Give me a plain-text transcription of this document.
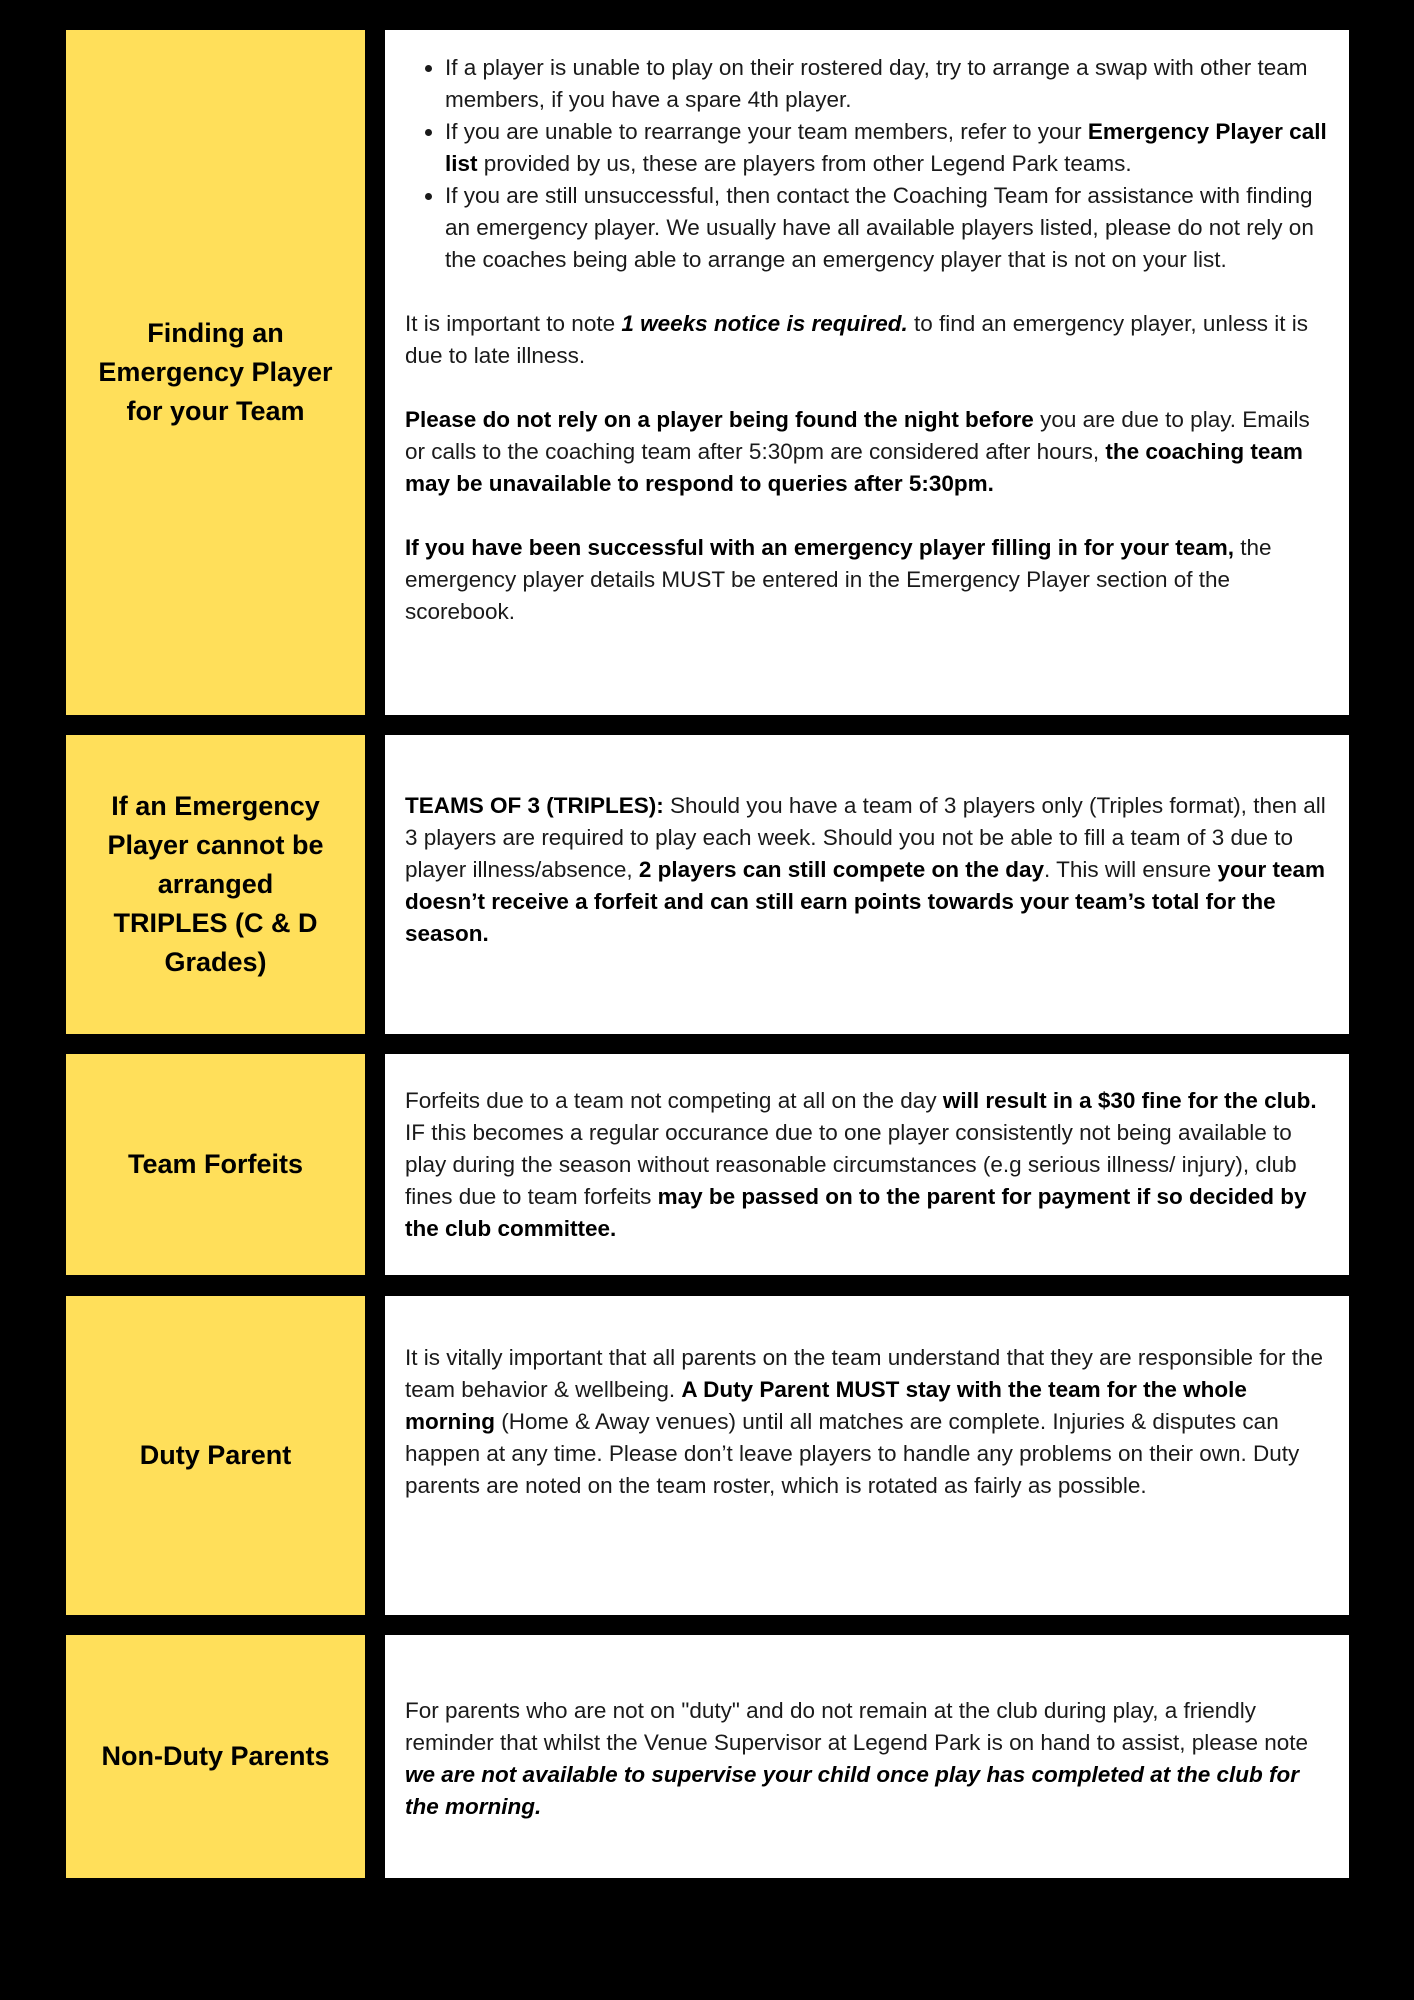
Finding an Emergency Player for your Team
• If a player is unable to play on their rostered day, try to arrange a swap with other team members, if you have a spare 4th player.
• If you are unable to rearrange your team members, refer to your Emergency Player call list provided by us, these are players from other Legend Park teams.
• If you are still unsuccessful, then contact the Coaching Team for assistance with finding an emergency player. We usually have all available players listed, please do not rely on the coaches being able to arrange an emergency player that is not on your list.

It is important to note 1 weeks notice is required. to find an emergency player, unless it is due to late illness.

Please do not rely on a player being found the night before you are due to play. Emails or calls to the coaching team after 5:30pm are considered after hours, the coaching team may be unavailable to respond to queries after 5:30pm.

If you have been successful with an emergency player filling in for your team, the emergency player details MUST be entered in the Emergency Player section of the scorebook.

If an Emergency Player cannot be arranged
TRIPLES (C & D Grades)

TEAMS OF 3 (TRIPLES): Should you have a team of 3 players only (Triples format), then all 3 players are required to play each week. Should you not be able to fill a team of 3 due to player illness/absence, 2 players can still compete on the day. This will ensure your team doesn’t receive a forfeit and can still earn points towards your team’s total for the season.

Team Forfeits

Forfeits due to a team not competing at all on the day will result in a $30 fine for the club. IF this becomes a regular occurance due to one player consistently not being available to play during the season without reasonable circumstances (e.g serious illness/ injury), club fines due to team forfeits may be passed on to the parent for payment if so decided by the club committee.

Duty Parent

It is vitally important that all parents on the team understand that they are responsible for the team behavior & wellbeing. A Duty Parent MUST stay with the team for the whole morning (Home & Away venues) until all matches are complete. Injuries & disputes can happen at any time. Please don’t leave players to handle any problems on their own. Duty parents are noted on the team roster, which is rotated as fairly as possible.

Non-Duty Parents

For parents who are not on "duty" and do not remain at the club during play, a friendly reminder that whilst the Venue Supervisor at Legend Park is on hand to assist, please note we are not available to supervise your child once play has completed at the club for the morning.
